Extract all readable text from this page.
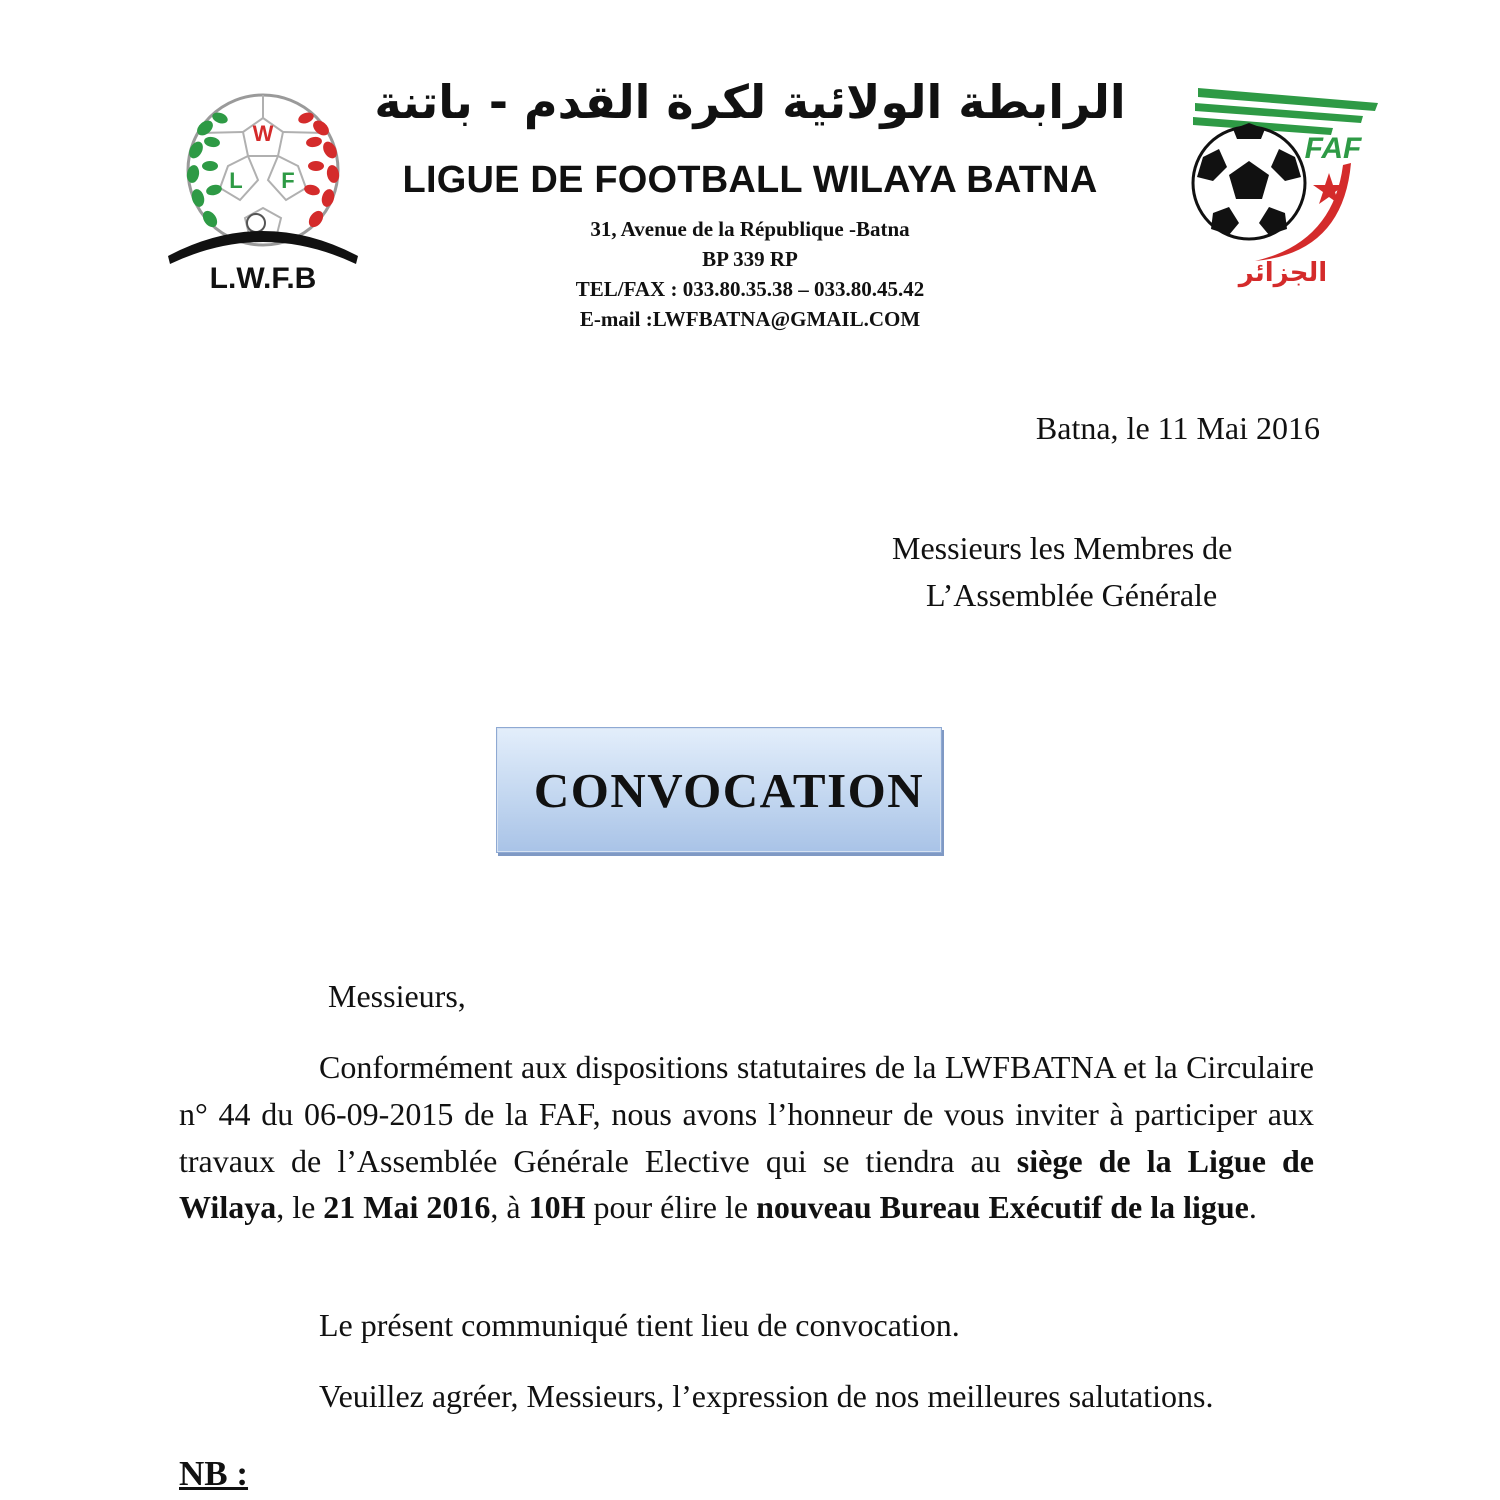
W
L F
L.W.F.B
FAF
الجزائر
الرابطة الولائية لكرة القدم - باتنة
LIGUE DE FOOTBALL WILAYA BATNA
31, Avenue de la République -Batna
BP 339 RP
TEL/FAX : 033.80.35.38 – 033.80.45.42
E-mail :LWFBATNA@GMAIL.COM
Batna, le 11 Mai 2016
Messieurs les Membres de
L’Assemblée Générale
CONVOCATION
Messieurs,
Conformément aux dispositions statutaires de la LWFBATNA et la Circulaire n° 44 du 06-09-2015 de la FAF, nous avons l’honneur de vous inviter à participer aux travaux de l’Assemblée Générale Elective qui se tiendra au siège de la Ligue de Wilaya, le 21 Mai 2016, à 10H pour élire le nouveau Bureau Exécutif de la ligue.
Le présent communiqué tient lieu de convocation.
Veuillez agréer, Messieurs, l’expression de nos meilleures salutations.
NB :
